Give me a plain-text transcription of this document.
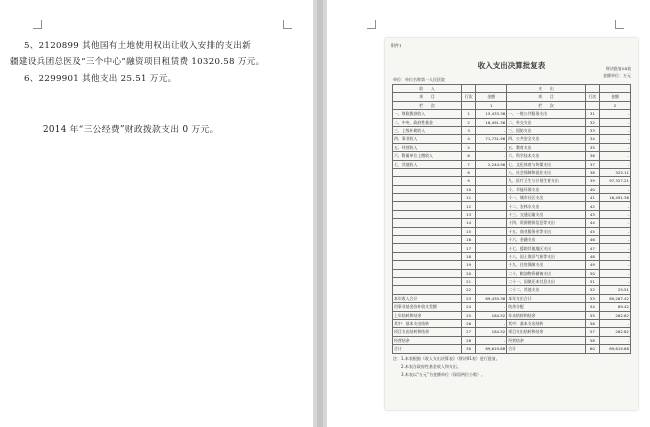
5、2120899 其他国有土地使用权出让收入安排的支出新
疆建设兵团总医及“三个中心”融资项目租赁费 10320.58 万元。
6、2299901 其他支出 25.51 万元。
2014 年“三公经费”财政拨款支出 0 万元。
附件1
收入支出决算批复表	财决批复04表
金额单位：万元
单位：单位名称第一人民医院
收　　入			支　　出		
项　　目	行次	金额	项　　目	行次	金额
栏　　次		1	栏　　次		2
一、财政拨款收入	1	15,433.36	一、一般公共服务支出	31	-
二、中央、政府性基金	2	16,491.36	二、外交支出	32	-
三、上级补助收入	3	-	三、国防支出	33	-
四、事业收入	4	71,731.96	四、公共安全支出	34	-
五、经营收入	5	-	五、教育支出	35	-
六、附属单位上缴收入	6	-	六、科学技术支出	36	-
七、其他收入	7	2,244.96	七、文化体育与传媒支出	37	-
	8		八、社会保障和就业支出	38	325.11
	9		九、医疗卫生与计划生育支出	39	97,327.21
	10		十、节能环保支出	40	-
	11		十一、城乡社区支出	41	16,491.36
	12		十二、农林水支出	42	-
	13		十三、交通运输支出	43	-
	14		十四、资源勘探信息等支出	44	-
	15		十五、商业服务业等支出	45	-
	16		十六、金融支出	46	-
	17		十七、援助其他地区支出	47	-
	18		十八、国土海洋气象等支出	48	-
	19		十九、住房保障支出	49	-
	20		二十、粮油物资储备支出	50	-
	21		二十一、国债还本付息支出	51	-
	22		二十二、其他支出	52	25.51
本年收入合计	23	89,435.36	本年支出合计	53	89,267.42
用事业基金弥补收支差额	24	-	结余分配	54	89.42
上年结转和结余	25	184.52	年末结转和结余	55	262.82
其中：基本支出结转	26	-	其中：基本支出结转	56	-
项目支出结转和结余	27	184.52	项目支出结转和结余	57	262.82
经营结余	28	-	经营结余	58	-
合计	30	89,619.88	合计	60	89,619.88
注：1.本表根据《收入支出决算表》（财决01表）进行批复。
　　2.本表含政府性基金收入和支出。
　　3.本表以“万元”为金额单位（保留两位小数）。
